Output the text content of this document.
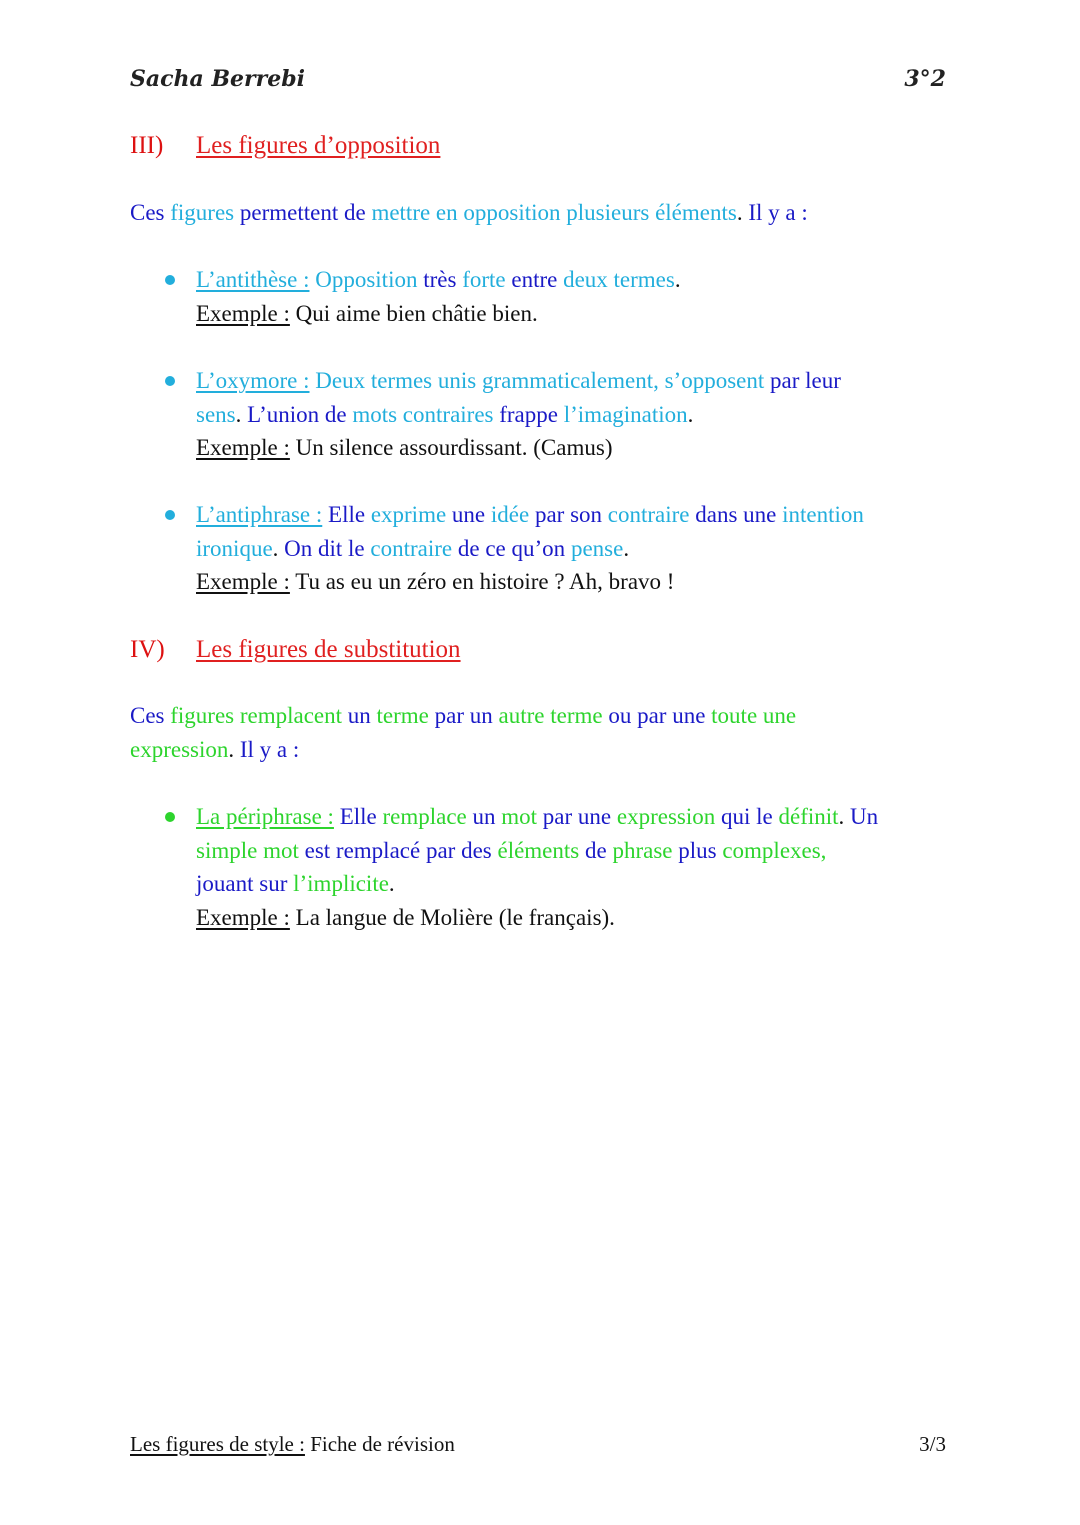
Sacha Berrebi	3°2
III) Les figures d’opposition
Ces figures permettent de mettre en opposition plusieurs éléments. Il y a :
L’antithèse : Opposition très forte entre deux termes.
Exemple : Qui aime bien châtie bien.
L’oxymore : Deux termes unis grammaticalement, s’opposent par leur
sens. L’union de mots contraires frappe l’imagination.
Exemple : Un silence assourdissant. (Camus)
L’antiphrase : Elle exprime une idée par son contraire dans une intention
ironique. On dit le contraire de ce qu’on pense.
Exemple : Tu as eu un zéro en histoire ? Ah, bravo !
IV) Les figures de substitution
Ces figures remplacent un terme par un autre terme ou par une toute une
expression. Il y a :
La périphrase : Elle remplace un mot par une expression qui le définit. Un
simple mot est remplacé par des éléments de phrase plus complexes,
jouant sur l’implicite.
Exemple : La langue de Molière (le français).
Les figures de style : Fiche de révision	3/3
